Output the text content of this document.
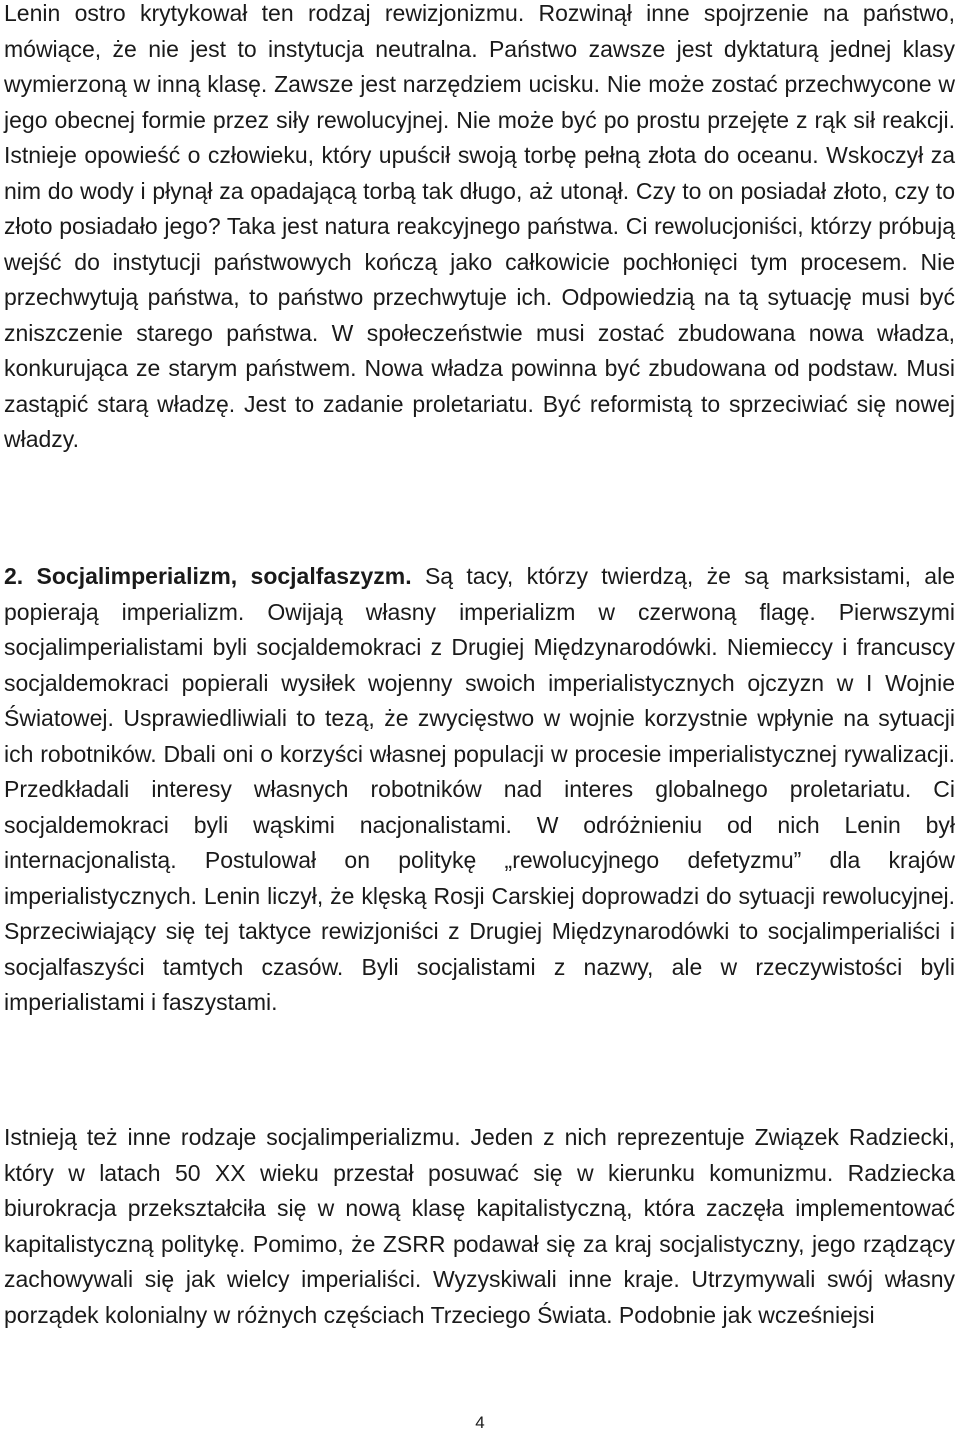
Lenin ostro krytykował ten rodzaj rewizjonizmu. Rozwinął inne spojrzenie na państwo, mówiące, że nie jest to instytucja neutralna. Państwo zawsze jest dyktaturą jednej klasy wymierzoną w inną klasę. Zawsze jest narzędziem ucisku. Nie może zostać przechwycone w jego obecnej formie przez siły rewolucyjnej. Nie może być po prostu przejęte z rąk sił reakcji. Istnieje opowieść o człowieku, który upuścił swoją torbę pełną złota do oceanu. Wskoczył za nim do wody i płynął za opadającą torbą tak długo, aż utonął. Czy to on posiadał złoto, czy to złoto posiadało jego? Taka jest natura reakcyjnego państwa. Ci rewolucjoniści, którzy próbują wejść do instytucji państwowych kończą jako całkowicie pochłonięci tym procesem. Nie przechwytują państwa, to państwo przechwytuje ich. Odpowiedzią na tą sytuację musi być zniszczenie starego państwa. W społeczeństwie musi zostać zbudowana nowa władza, konkurująca ze starym państwem. Nowa władza powinna być zbudowana od podstaw. Musi zastąpić starą władzę. Jest to zadanie proletariatu. Być reformistą to sprzeciwiać się nowej władzy.

2. Socjalimperializm, socjalfaszyzm. Są tacy, którzy twierdzą, że są marksistami, ale popierają imperializm. Owijają własny imperializm w czerwoną flagę. Pierwszymi socjalimperialistami byli socjaldemokraci z Drugiej Międzynarodówki. Niemieccy i francuscy socjaldemokraci popierali wysiłek wojenny swoich imperialistycznych ojczyzn w I Wojnie Światowej. Usprawiedliwiali to tezą, że zwycięstwo w wojnie korzystnie wpłynie na sytuacji ich robotników. Dbali oni o korzyści własnej populacji w procesie imperialistycznej rywalizacji. Przedkładali interesy własnych robotników nad interes globalnego proletariatu. Ci socjaldemokraci byli wąskimi nacjonalistami. W odróżnieniu od nich Lenin był internacjonalistą. Postulował on politykę „rewolucyjnego defetyzmu” dla krajów imperialistycznych. Lenin liczył, że klęską Rosji Carskiej doprowadzi do sytuacji rewolucyjnej. Sprzeciwiający się tej taktyce rewizjoniści z Drugiej Międzynarodówki to socjalimperialiści i socjalfaszyści tamtych czasów. Byli socjalistami z nazwy, ale w rzeczywistości byli imperialistami i faszystami.

Istnieją też inne rodzaje socjalimperializmu. Jeden z nich reprezentuje Związek Radziecki, który w latach 50 XX wieku przestał posuwać się w kierunku komunizmu. Radziecka biurokracja przekształciła się w nową klasę kapitalistyczną, która zaczęła implementować kapitalistyczną politykę. Pomimo, że ZSRR podawał się za kraj socjalistyczny, jego rządzący zachowywali się jak wielcy imperialiści. Wyzyskiwali inne kraje. Utrzymywali swój własny porządek kolonialny w różnych częściach Trzeciego Świata. Podobnie jak wcześniejsi

4
